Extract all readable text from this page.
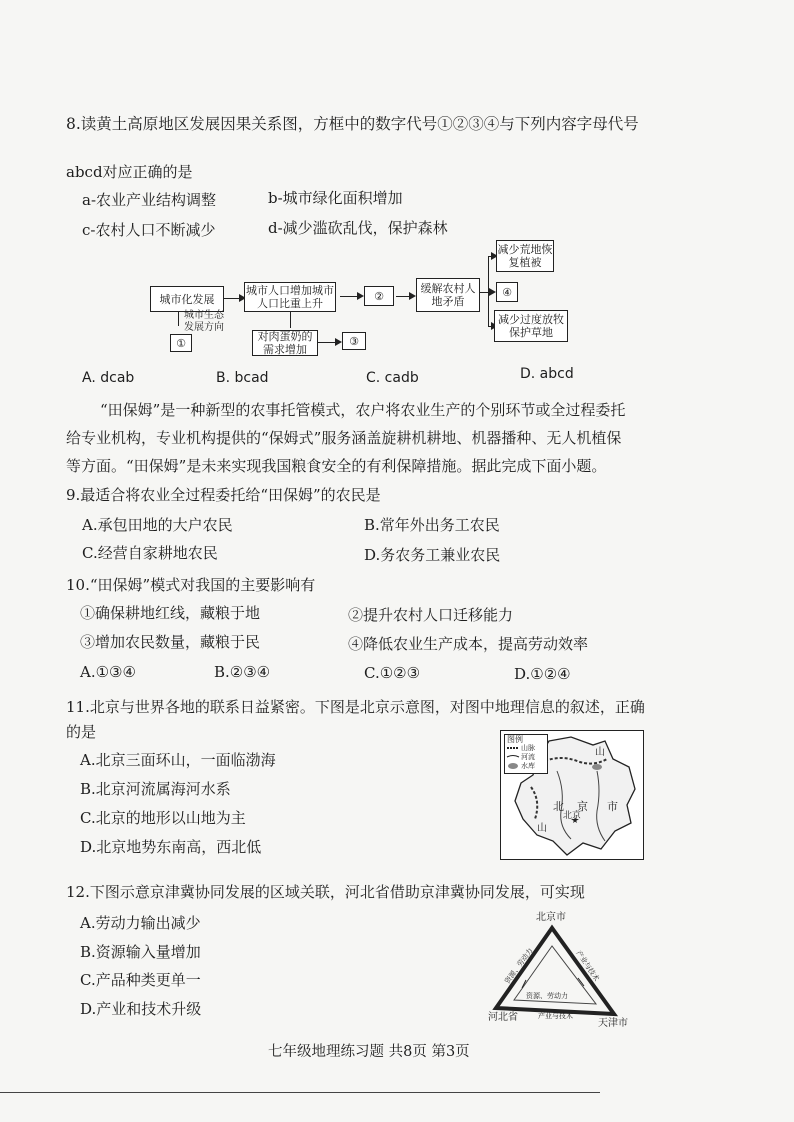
8.读黄土高原地区发展因果关系图，方框中的数字代号①②③④与下列内容字母代号
abcd对应正确的是
a-农业产业结构调整	b-城市绿化面积增加
c-农村人口不断减少	d-减少滥砍乱伐，保护森林
城市化发展
城市人口增加城市人口比重上升
②
缓解农村人地矛盾
减少荒地恢复植被
④
减少过度放牧保护草地
城市生态发展方向
①	对肉蛋奶的需求增加
③
A. dcab	B. bcad	C. cadb	D. abcd
“田保姆”是一种新型的农事托管模式，农户将农业生产的个别环节或全过程委托
给专业机构，专业机构提供的“保姆式”服务涵盖旋耕机耕地、机器播种、无人机植保
等方面。“田保姆”是未来实现我国粮食安全的有利保障措施。据此完成下面小题。
9.最适合将农业全过程委托给“田保姆”的农民是
A.承包田地的大户农民	B.常年外出务工农民
C.经营自家耕地农民	D.务农务工兼业农民
10.“田保姆”模式对我国的主要影响有
①确保耕地红线，藏粮于地	②提升农村人口迁移能力
③增加农民数量，藏粮于民	④降低农业生产成本，提高劳动效率
A.①③④	B.②③④	C.①②③	D.①②④
11.北京与世界各地的联系日益紧密。下图是北京示意图，对图中地理信息的叙述，正确
的是
A.北京三面环山，一面临渤海
B.北京河流属海河水系
C.北京的地形以山地为主
D.北京地势东南高，西北低
图例
山脉
河流
水库
北 京 市
山
山
北京
12.下图示意京津冀协同发展的区域关联，河北省借助京津冀协同发展，可实现
A.劳动力输出减少
B.资源输入量增加
C.产品种类更单一
D.产业和技术升级
北京市
河北省
天津市
资源、劳动力
资源、劳动力
产业与技术
产业与技术
七年级地理练习题 共8页 第3页
